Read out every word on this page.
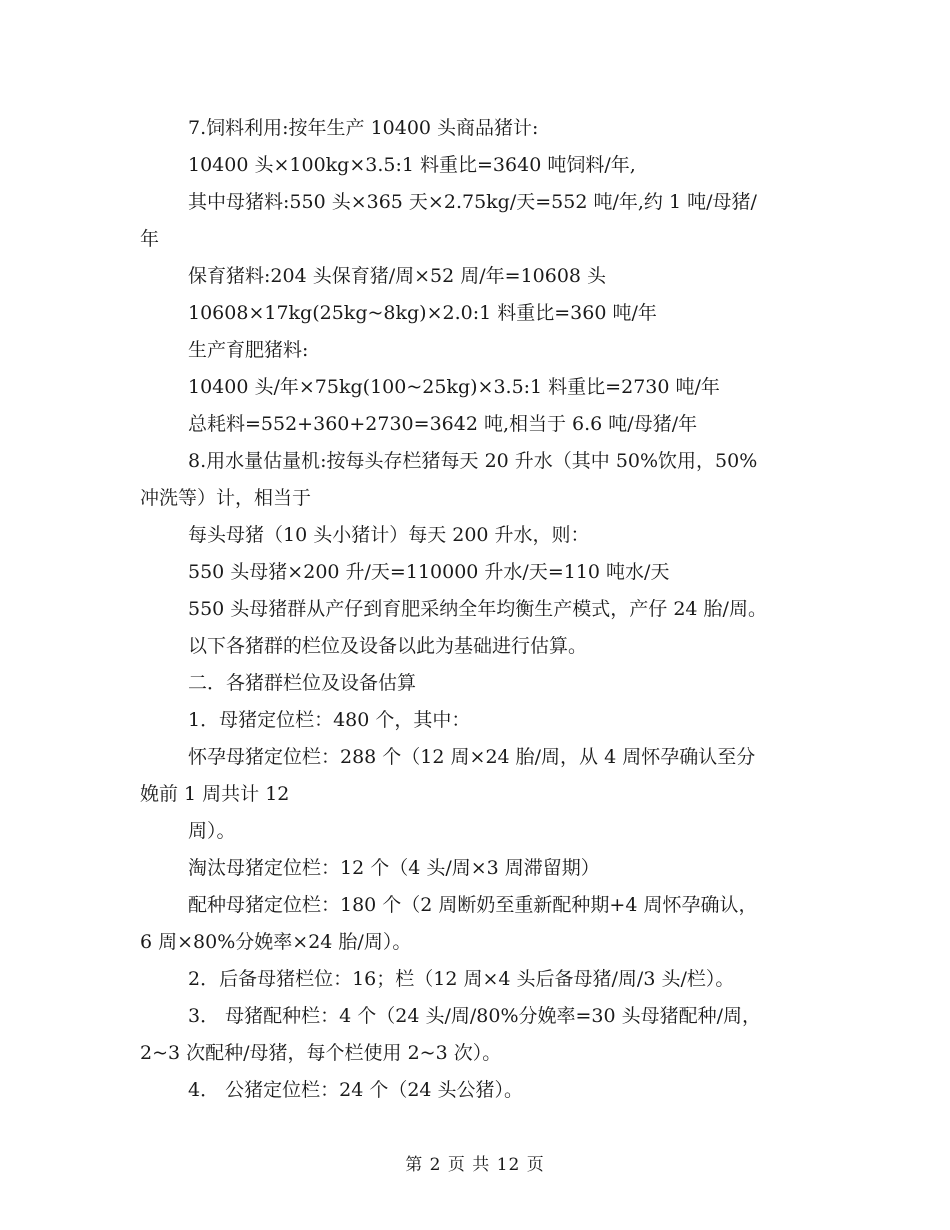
7.饲料利用:按年生产 10400 头商品猪计:
10400 头×100kg×3.5:1 料重比=3640 吨饲料/年,
其中母猪料:550 头×365 天×2.75kg/天=552 吨/年,约 1 吨/母猪/
年
保育猪料:204 头保育猪/周×52 周/年=10608 头
10608×17kg(25kg~8kg)×2.0:1 料重比=360 吨/年
生产育肥猪料:
10400 头/年×75kg(100~25kg)×3.5:1 料重比=2730 吨/年
总耗料=552+360+2730=3642 吨,相当于 6.6 吨/母猪/年
8.用水量估量机:按每头存栏猪每天 20 升水（其中 50%饮用，50%
冲洗等）计，相当于
每头母猪（10 头小猪计）每天 200 升水，则：
550 头母猪×200 升/天=110000 升水/天=110 吨水/天
550 头母猪群从产仔到育肥采纳全年均衡生产模式，产仔 24 胎/周。
以下各猪群的栏位及设备以此为基础进行估算。
二．各猪群栏位及设备估算
1．母猪定位栏：480 个，其中：
怀孕母猪定位栏：288 个（12 周×24 胎/周，从 4 周怀孕确认至分
娩前 1 周共计 12
周）。
淘汰母猪定位栏：12 个（4 头/周×3 周滞留期）
配种母猪定位栏：180 个（2 周断奶至重新配种期+4 周怀孕确认，
6 周×80%分娩率×24 胎/周）。
2．后备母猪栏位：16；栏（12 周×4 头后备母猪/周/3 头/栏）。
3． 母猪配种栏：4 个（24 头/周/80%分娩率=30 头母猪配种/周，
2~3 次配种/母猪，每个栏使用 2~3 次）。
4． 公猪定位栏：24 个（24 头公猪）。
第 2 页 共 12 页
